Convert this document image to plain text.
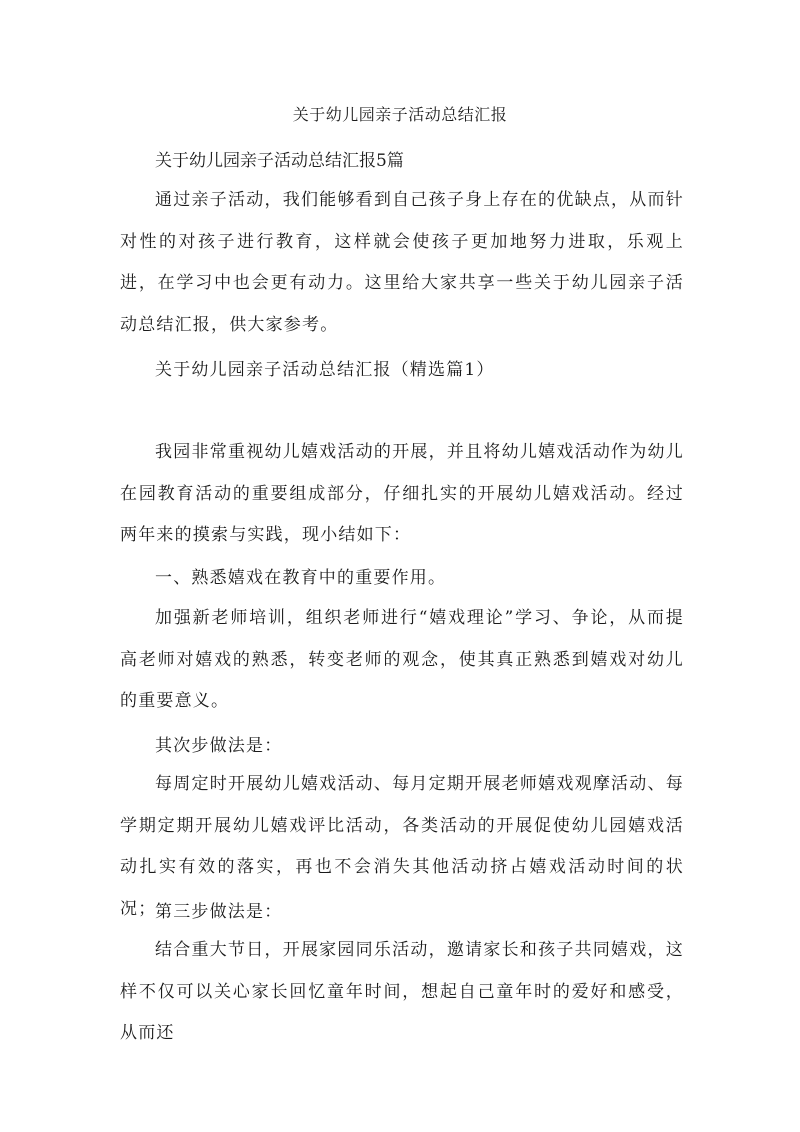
关于幼儿园亲子活动总结汇报
关于幼儿园亲子活动总结汇报5篇

通过亲子活动，我们能够看到自己孩子身上存在的优缺点，从而针对性的对孩子进行教育，这样就会使孩子更加地努力进取，乐观上进，在学习中也会更有动力。这里给大家共享一些关于幼儿园亲子活动总结汇报，供大家参考。

关于幼儿园亲子活动总结汇报（精选篇1）

我园非常重视幼儿嬉戏活动的开展，并且将幼儿嬉戏活动作为幼儿在园教育活动的重要组成部分，仔细扎实的开展幼儿嬉戏活动。经过两年来的摸索与实践，现小结如下：

一、熟悉嬉戏在教育中的重要作用。

加强新老师培训，组织老师进行“嬉戏理论”学习、争论，从而提高老师对嬉戏的熟悉，转变老师的观念，使其真正熟悉到嬉戏对幼儿的重要意义。

其次步做法是：

每周定时开展幼儿嬉戏活动、每月定期开展老师嬉戏观摩活动、每学期定期开展幼儿嬉戏评比活动，各类活动的开展促使幼儿园嬉戏活动扎实有效的落实，再也不会消失其他活动挤占嬉戏活动时间的状况；

第三步做法是：

结合重大节日，开展家园同乐活动，邀请家长和孩子共同嬉戏，这样不仅可以关心家长回忆童年时间，想起自己童年时的爱好和感受，从而还
